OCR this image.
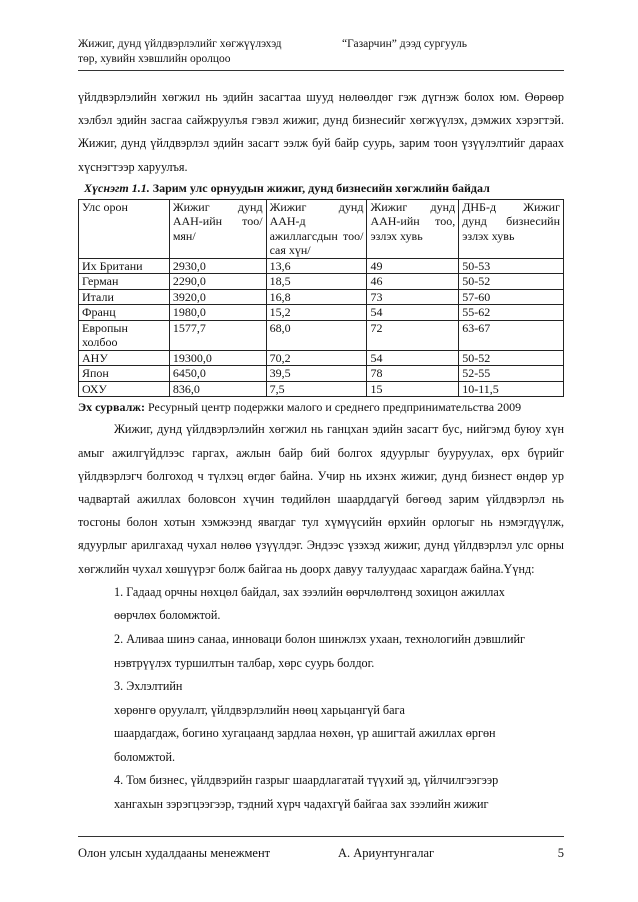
Жижиг, дунд үйлдвэрлэлийг хөгжүүлэхэд
төр, хувийн хэвшлийн оролцоо
“Газарчин” дээд сургууль

үйлдвэрлэлийн хөгжил нь эдийн засагтаа шууд нөлөөлдөг гэж дүгнэж болох юм. Өөрөөр хэлбэл эдийн засгаа сайжруулъя гэвэл жижиг, дунд бизнесийг хөгжүүлэх, дэмжих хэрэгтэй. Жижиг, дунд үйлдвэрлэл эдийн засагт ээлж буй байр суурь, зарим тоон үзүүлэлтийг дараах хүснэгтээр харуулъя.

Хүснэгт 1.1. Зарим улс орнуудын жижиг, дунд бизнесийн хөгжлийн байдал
Улс орон	Жижиг дунд ААН-ийн тоо/мян/	Жижиг дунд ААН-д ажиллагсдын тоо/сая хүн/	Жижиг дунд ААН-ийн тоо, эзлэх хувь	ДНБ-д Жижиг дунд бизнесийн эзлэх хувь
Их Британи	2930,0	13,6	49	50-53
Герман	2290,0	18,5	46	50-52
Итали	3920,0	16,8	73	57-60
Франц	1980,0	15,2	54	55-62
Европын холбоо	1577,7	68,0	72	63-67
АНУ	19300,0	70,2	54	50-52
Япон	6450,0	39,5	78	52-55
ОХУ	836,0	7,5	15	10-11,5
Эх сурвалж: Ресурный центр подержки малого и среднего предпринимательства 2009

Жижиг, дунд үйлдвэрлэлийн хөгжил нь ганцхан эдийн засагт бус, нийгэмд буюу хүн амыг ажилгүйдлээс гаргах, ажлын байр бий болгох ядуурлыг бууруулах, өрх бүрийг үйлдвэрлэгч болгоход ч түлхэц өгдөг байна. Учир нь ихэнх жижиг, дунд бизнест өндөр ур чадвартай ажиллах боловсон хүчин төдийлөн шаарддагүй бөгөөд зарим үйлдвэрлэл нь тосгоны болон хотын хэмжээнд явагдаг тул хүмүүсийн өрхийн орлогыг нь нэмэгдүүлж, ядуурлыг арилгахад чухал нөлөө үзүүлдэг. Эндээс үзэхэд жижиг, дунд үйлдвэрлэл улс орны хөгжлийн чухал хөшүүрэг болж байгаа нь доорх давуу талуудаас харагдаж байна.Үүнд:

1. Гадаад орчны нөхцөл байдал, зах зээлийн өөрчлөлтөнд зохицон ажиллах
өөрчлөх боломжтой.
2. Аливаа шинэ санаа, инноваци болон шинжлэх ухаан, технологийн дэвшлийг
нэвтрүүлэх туршилтын талбар, хөрс суурь болдог.
3. Эхлэлтийн
хөрөнгө оруулалт, үйлдвэрлэлийн нөөц харьцангүй бага
шаардагдаж, богино хугацаанд зардлаа нөхөн, үр ашигтай ажиллах өргөн
боломжтой.
4. Том бизнес, үйлдвэрийн газрыг шаардлагатай түүхий эд, үйлчилгээгээр
хангахын зэрэгцээгээр, тэдний хүрч чадахгүй байгаа зах зээлийн жижиг
Олон улсын худалдааны менежмент	А. Ариунтунгалаг	5
